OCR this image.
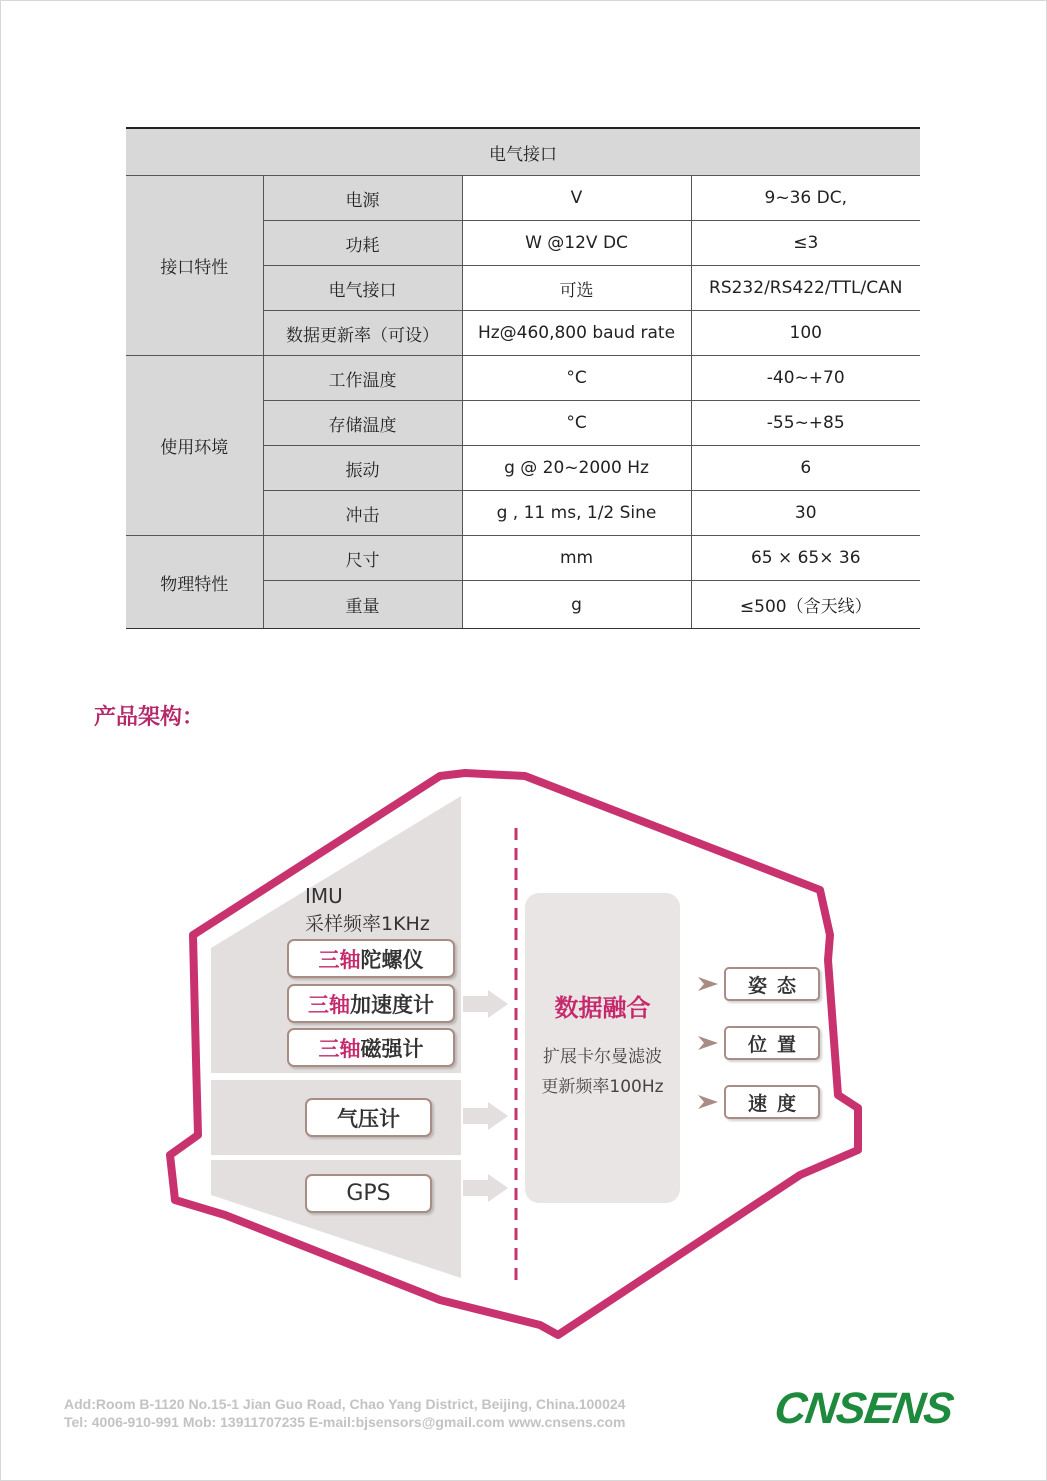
电气接口			
接口特性	电源	V	9~36 DC,
	功耗	W @12V DC	≤3
	电气接口	可选	RS232/RS422/TTL/CAN
	数据更新率（可设）	Hz@460,800 baud rate	100
使用环境	工作温度	°C	-40~+70
	存储温度	°C	-55~+85
	振动	g @ 20~2000 Hz	6
	冲击	g , 11 ms, 1/2 Sine	30
物理特性	尺寸	mm	65 × 65× 36
	重量	g	≤500（含天线）
产品架构：
IMU
采样频率1KHz
三轴 陀螺仪
三轴 加速度计
三轴 磁强计
气压计
GPS
数据融合
扩展卡尔曼滤波
更新频率100Hz
姿态
位置
速度
Add:Room B-1120 No.15-1 Jian Guo Road, Chao Yang District, Beijing, China.100024
Tel: 4006-910-991 Mob: 13911707235 E-mail:bjsensors@gmail.com www.cnsens.com	CNSENS
